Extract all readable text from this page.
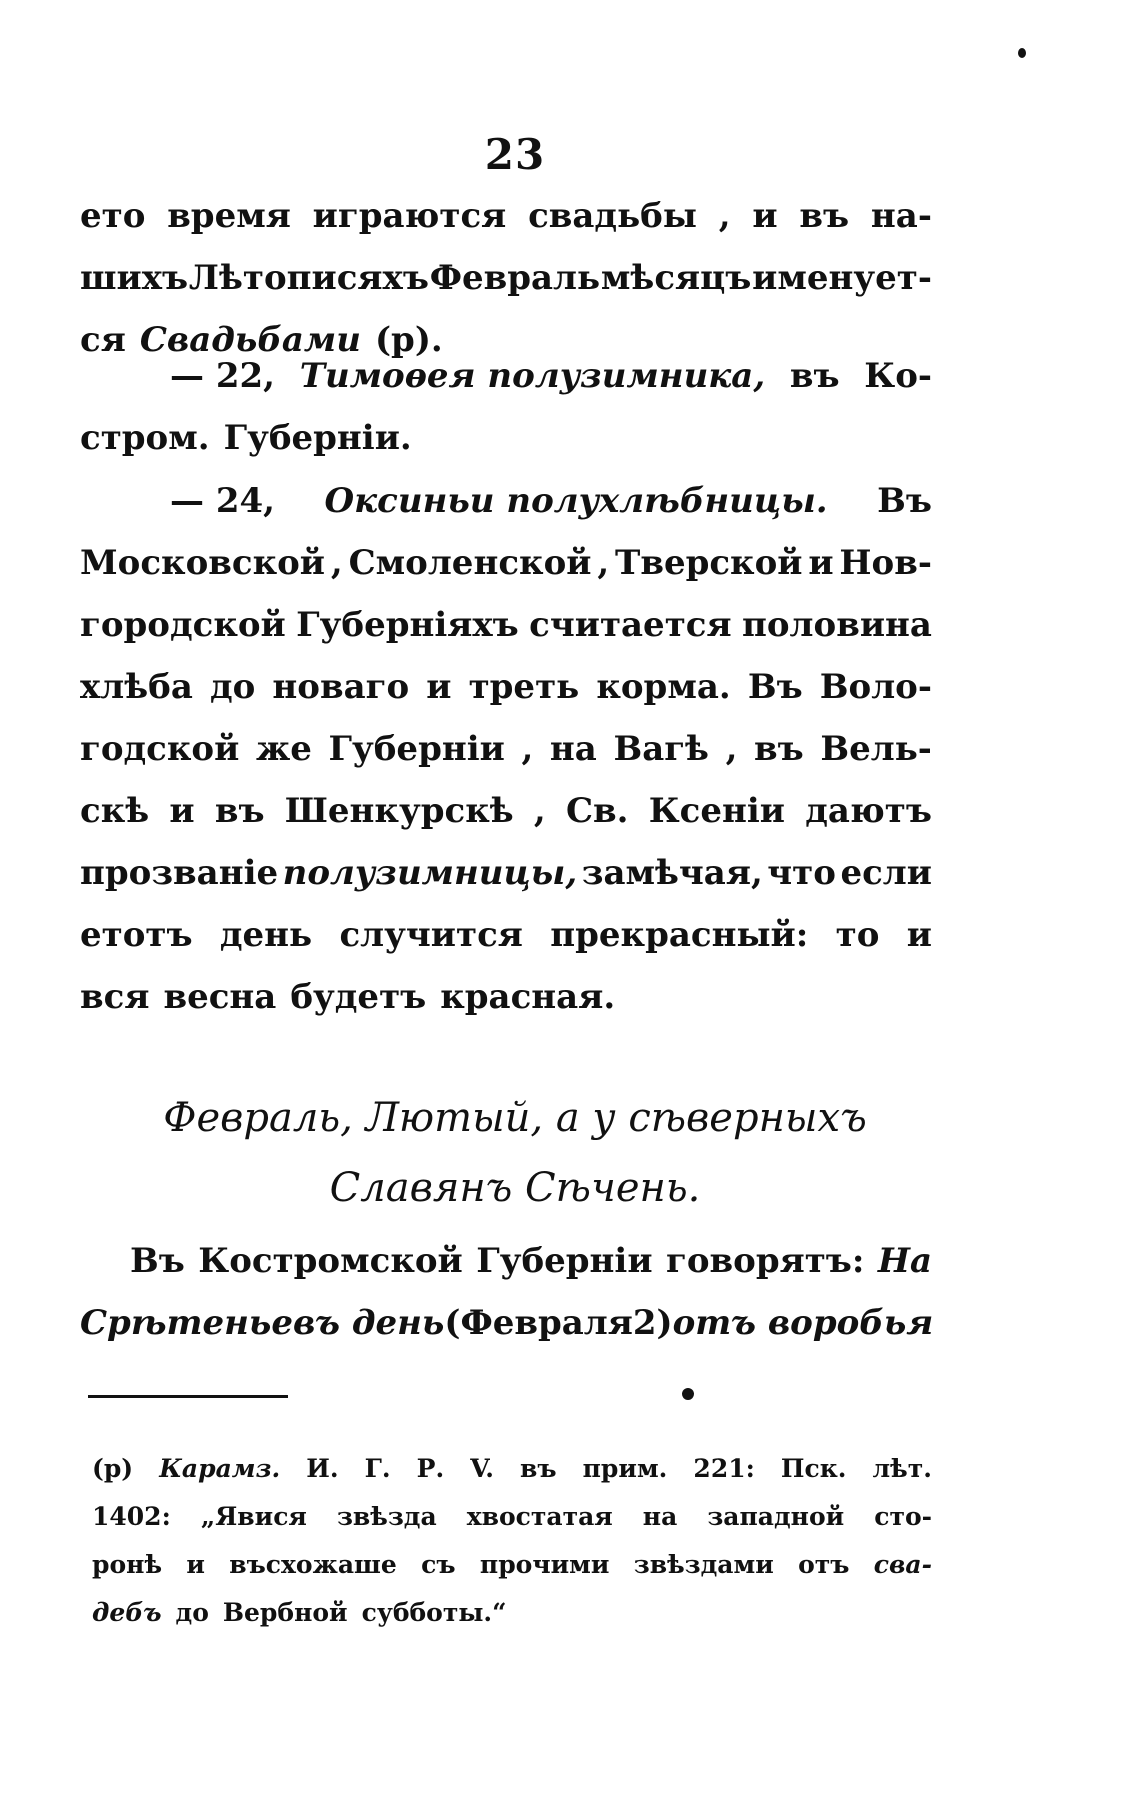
23
ето время играются свадьбы , и въ на-
шихъ Лѣтописяхъ Февраль мѣсяцъ именует-
ся Свадьбами (р).
— 22, Тимоѳея полузимника, въ Ко-
стром. Губерніи.
— 24, Оксиньи полухлѣбницы. Въ
Московской , Смоленской , Тверской и Нов-
городской Губерніяхъ считается половина
хлѣба до новаго и треть корма. Въ Воло-
годской же Губерніи , на Вагѣ , въ Вель-
скѣ и въ Шенкурскѣ , Св. Ксеніи даютъ
прозваніе полузимницы, замѣчая, что если
етотъ день случится прекрасный: то и
вся весна будетъ красная.
Февраль, Лютый, а у сѣверныхъ
Славянъ Сѣчень.
Въ Костромской Губерніи говорятъ: На
Срѣтеньевъ день (Февраля 2) отъ воробья
(р) Карамз. И. Г. Р. V. въ прим. 221: Пск. лѣт.
1402: „Явися звѣзда хвостатая на западной сто-
ронѣ и въсхожаше съ прочими звѣздами отъ сва-
дебъ до Вербной субботы.“
